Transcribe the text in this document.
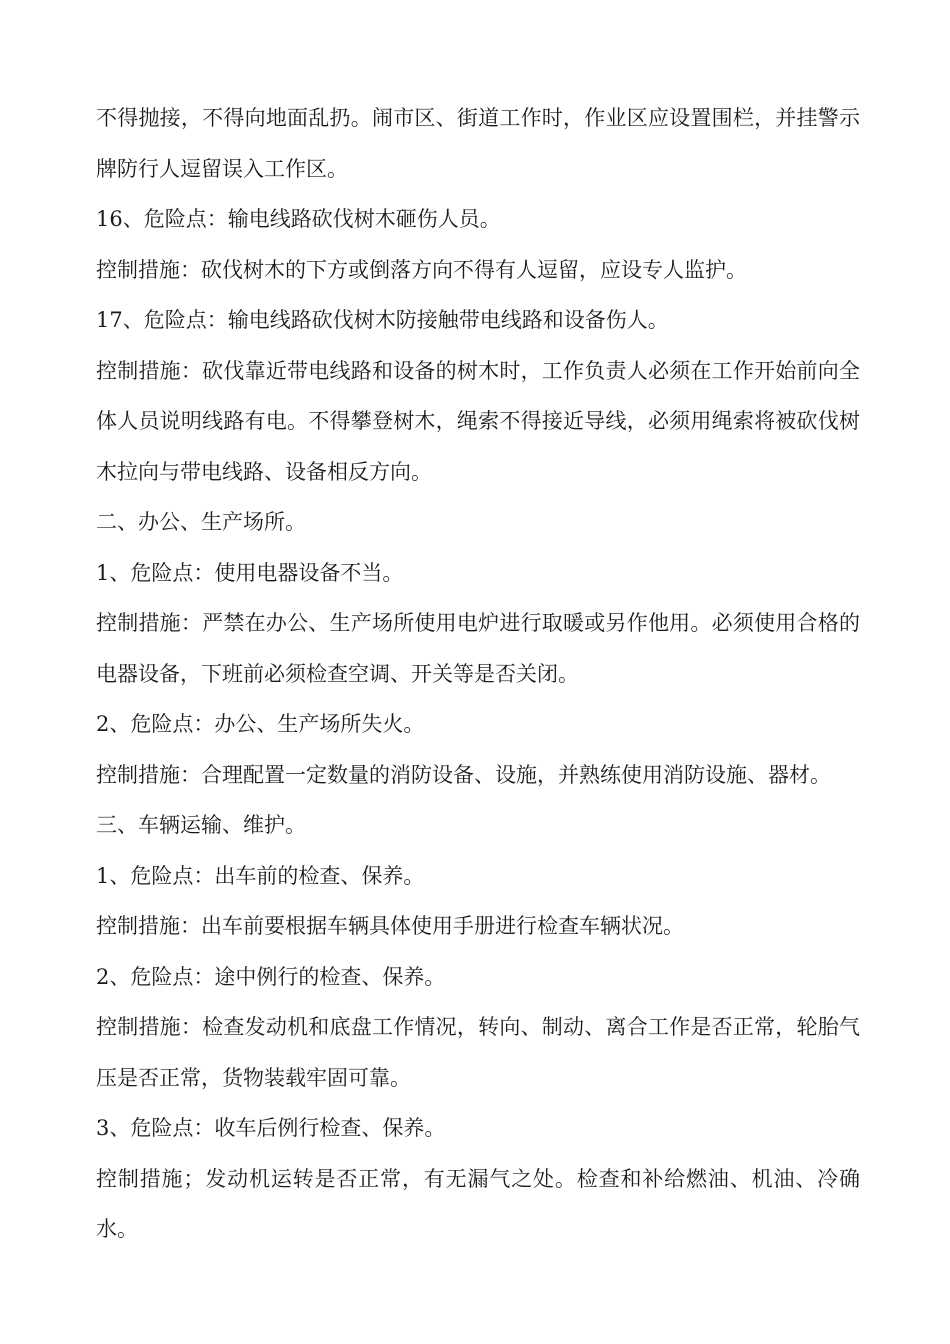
不得抛接，不得向地面乱扔。闹市区、街道工作时，作业区应设置围栏，并挂警示牌防行人逗留误入工作区。

16、危险点：输电线路砍伐树木砸伤人员。

控制措施：砍伐树木的下方或倒落方向不得有人逗留，应设专人监护。

17、危险点：输电线路砍伐树木防接触带电线路和设备伤人。

控制措施：砍伐靠近带电线路和设备的树木时，工作负责人必须在工作开始前向全体人员说明线路有电。不得攀登树木，绳索不得接近导线，必须用绳索将被砍伐树木拉向与带电线路、设备相反方向。

二、办公、生产场所。

1、危险点：使用电器设备不当。

控制措施：严禁在办公、生产场所使用电炉进行取暖或另作他用。必须使用合格的电器设备，下班前必须检查空调、开关等是否关闭。

2、危险点：办公、生产场所失火。

控制措施：合理配置一定数量的消防设备、设施，并熟练使用消防设施、器材。

三、车辆运输、维护。

1、危险点：出车前的检查、保养。

控制措施：出车前要根据车辆具体使用手册进行检查车辆状况。

2、危险点：途中例行的检查、保养。

控制措施：检查发动机和底盘工作情况，转向、制动、离合工作是否正常，轮胎气压是否正常，货物装载牢固可靠。

3、危险点：收车后例行检查、保养。

控制措施；发动机运转是否正常，有无漏气之处。检查和补给燃油、机油、冷确水。
